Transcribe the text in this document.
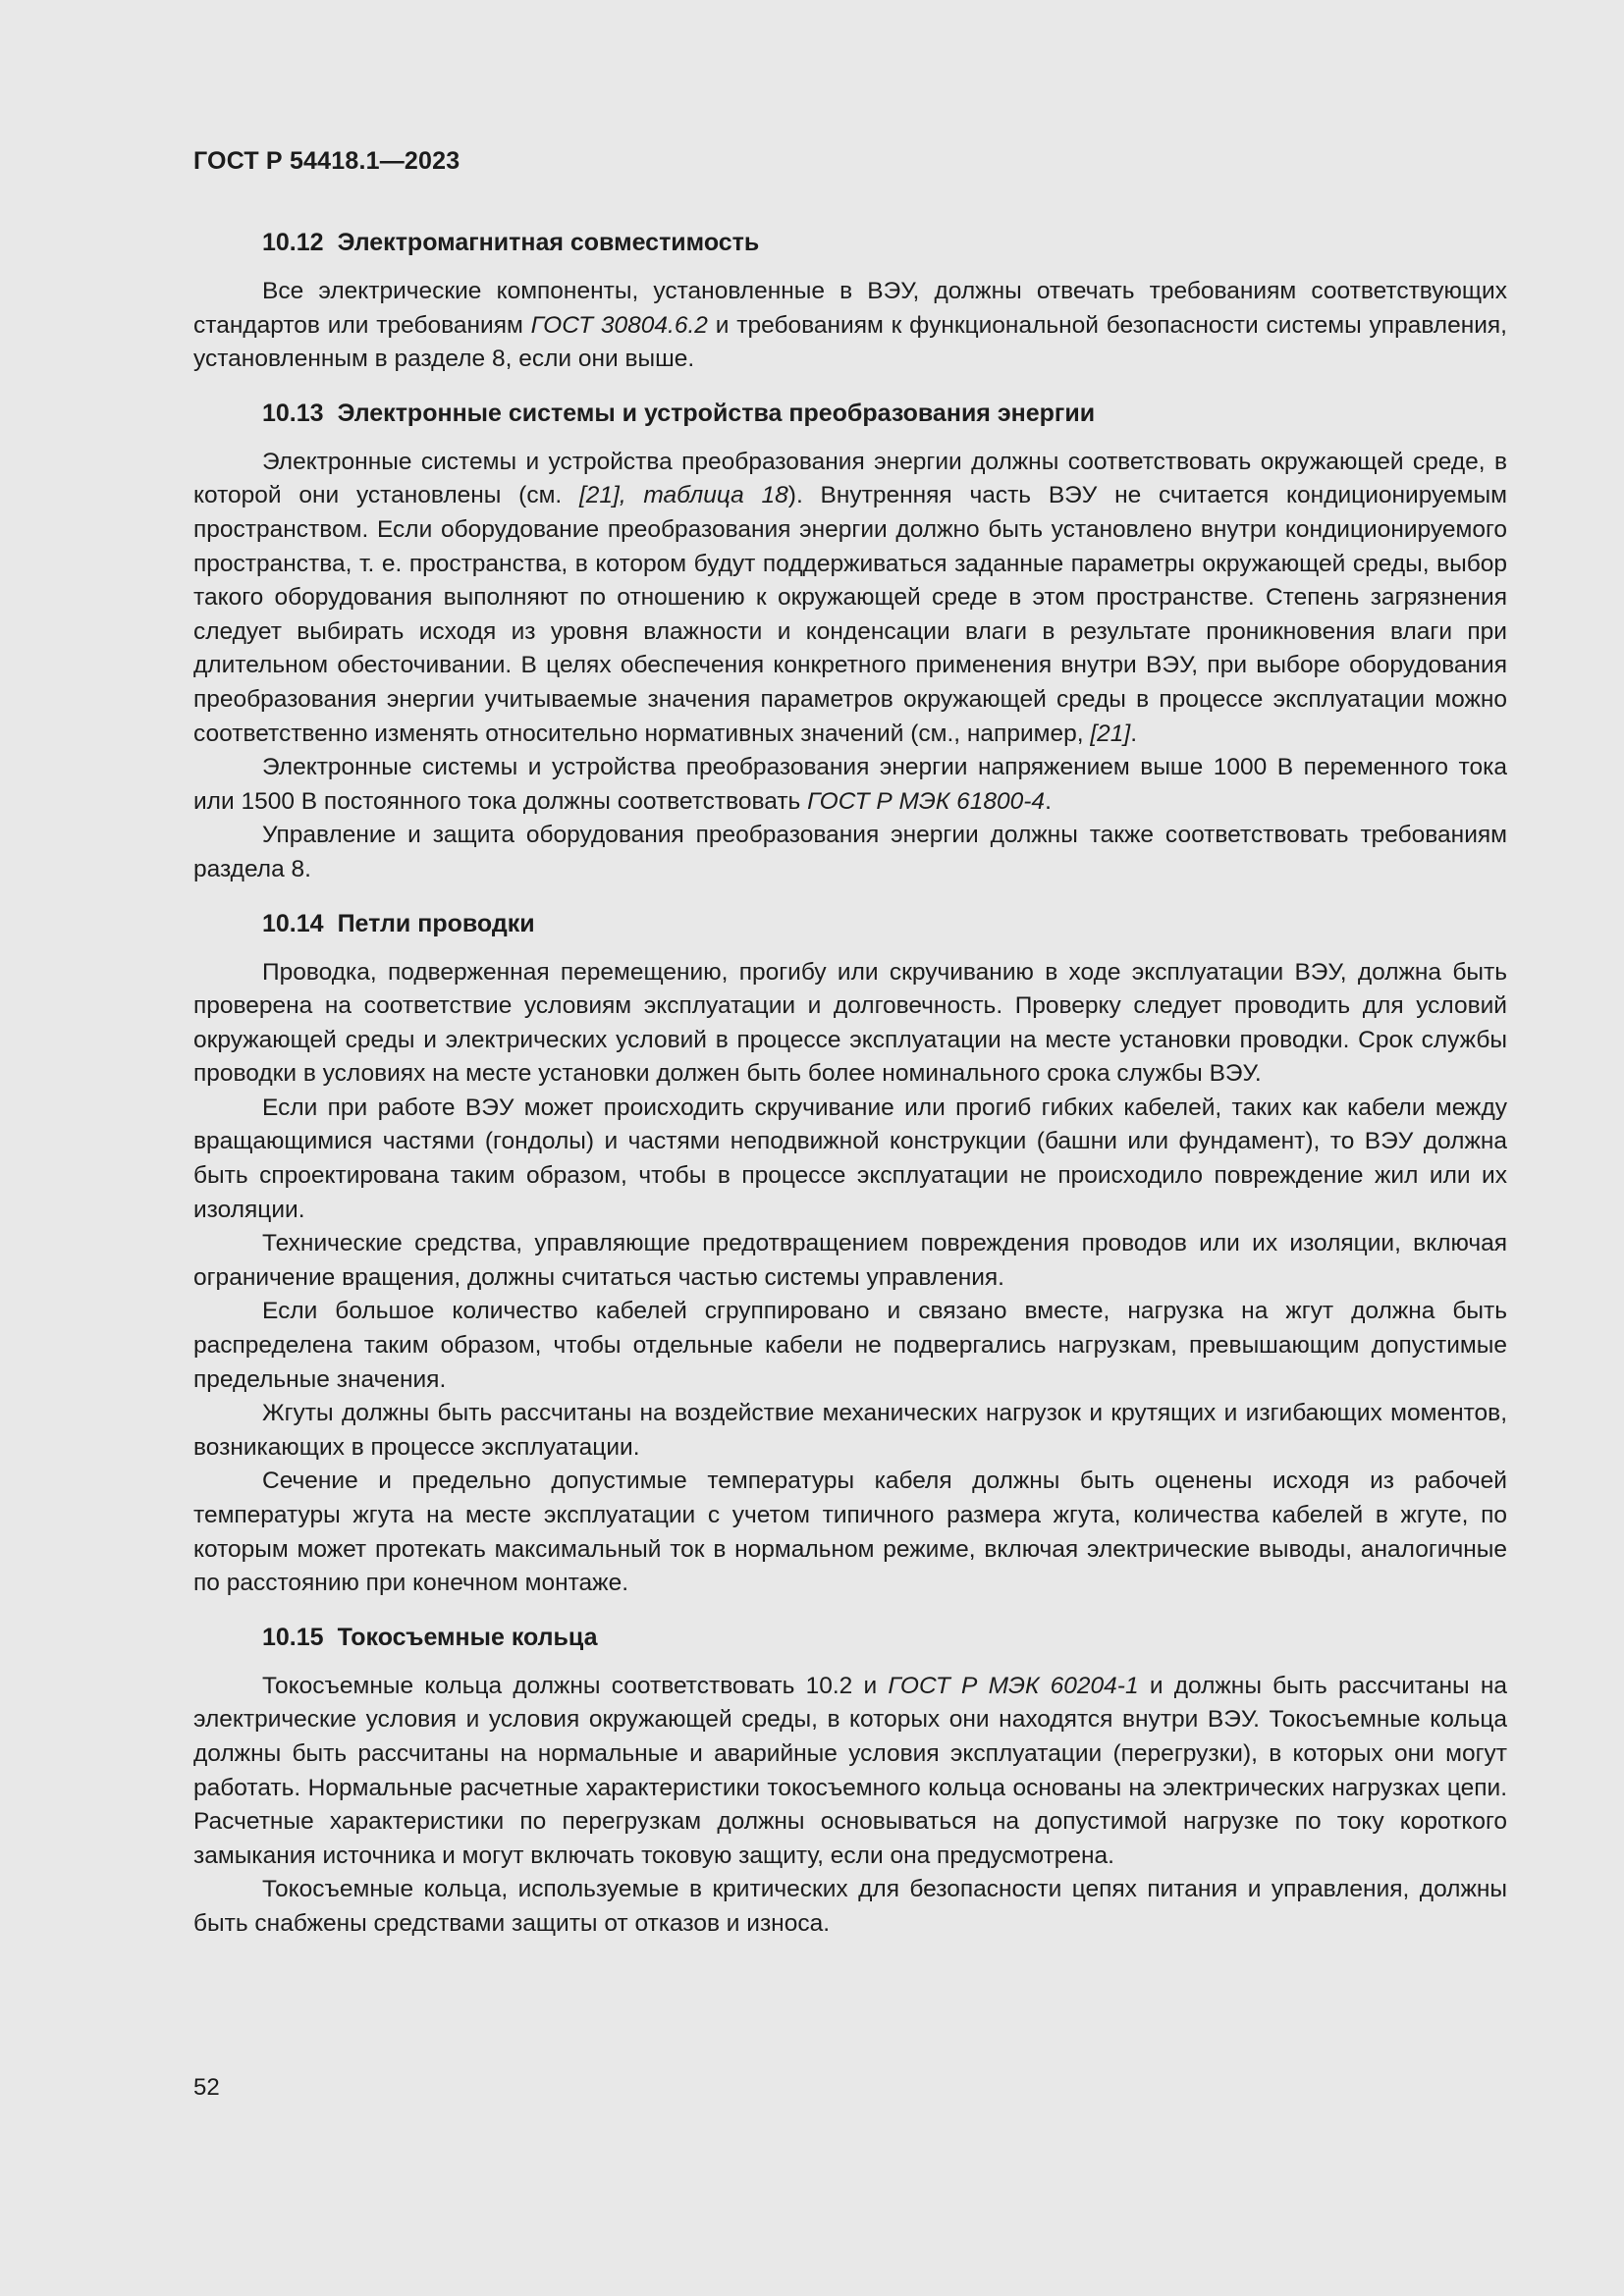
ГОСТ Р 54418.1—2023
10.12 Электромагнитная совместимость

Все электрические компоненты, установленные в ВЭУ, должны отвечать требованиям соответствующих стандартов или требованиям ГОСТ 30804.6.2 и требованиям к функциональной безопасности системы управления, установленным в разделе 8, если они выше.

10.13 Электронные системы и устройства преобразования энергии

Электронные системы и устройства преобразования энергии должны соответствовать окружающей среде, в которой они установлены (см. [21], таблица 18). Внутренняя часть ВЭУ не считается кондиционируемым пространством. Если оборудование преобразования энергии должно быть установлено внутри кондиционируемого пространства, т. е. пространства, в котором будут поддерживаться заданные параметры окружающей среды, выбор такого оборудования выполняют по отношению к окружающей среде в этом пространстве. Степень загрязнения следует выбирать исходя из уровня влажности и конденсации влаги в результате проникновения влаги при длительном обесточивании. В целях обеспечения конкретного применения внутри ВЭУ, при выборе оборудования преобразования энергии учитываемые значения параметров окружающей среды в процессе эксплуатации можно соответственно изменять относительно нормативных значений (см., например, [21].

Электронные системы и устройства преобразования энергии напряжением выше 1000 В переменного тока или 1500 В постоянного тока должны соответствовать ГОСТ Р МЭК 61800-4.

Управление и защита оборудования преобразования энергии должны также соответствовать требованиям раздела 8.

10.14 Петли проводки

Проводка, подверженная перемещению, прогибу или скручиванию в ходе эксплуатации ВЭУ, должна быть проверена на соответствие условиям эксплуатации и долговечность. Проверку следует проводить для условий окружающей среды и электрических условий в процессе эксплуатации на месте установки проводки. Срок службы проводки в условиях на месте установки должен быть более номинального срока службы ВЭУ.

Если при работе ВЭУ может происходить скручивание или прогиб гибких кабелей, таких как кабели между вращающимися частями (гондолы) и частями неподвижной конструкции (башни или фундамент), то ВЭУ должна быть спроектирована таким образом, чтобы в процессе эксплуатации не происходило повреждение жил или их изоляции.

Технические средства, управляющие предотвращением повреждения проводов или их изоляции, включая ограничение вращения, должны считаться частью системы управления.

Если большое количество кабелей сгруппировано и связано вместе, нагрузка на жгут должна быть распределена таким образом, чтобы отдельные кабели не подвергались нагрузкам, превышающим допустимые предельные значения.

Жгуты должны быть рассчитаны на воздействие механических нагрузок и крутящих и изгибающих моментов, возникающих в процессе эксплуатации.

Сечение и предельно допустимые температуры кабеля должны быть оценены исходя из рабочей температуры жгута на месте эксплуатации с учетом типичного размера жгута, количества кабелей в жгуте, по которым может протекать максимальный ток в нормальном режиме, включая электрические выводы, аналогичные по расстоянию при конечном монтаже.

10.15 Токосъемные кольца

Токосъемные кольца должны соответствовать 10.2 и ГОСТ Р МЭК 60204-1 и должны быть рассчитаны на электрические условия и условия окружающей среды, в которых они находятся внутри ВЭУ. Токосъемные кольца должны быть рассчитаны на нормальные и аварийные условия эксплуатации (перегрузки), в которых они могут работать. Нормальные расчетные характеристики токосъемного кольца основаны на электрических нагрузках цепи. Расчетные характеристики по перегрузкам должны основываться на допустимой нагрузке по току короткого замыкания источника и могут включать токовую защиту, если она предусмотрена.

Токосъемные кольца, используемые в критических для безопасности цепях питания и управления, должны быть снабжены средствами защиты от отказов и износа.

52
